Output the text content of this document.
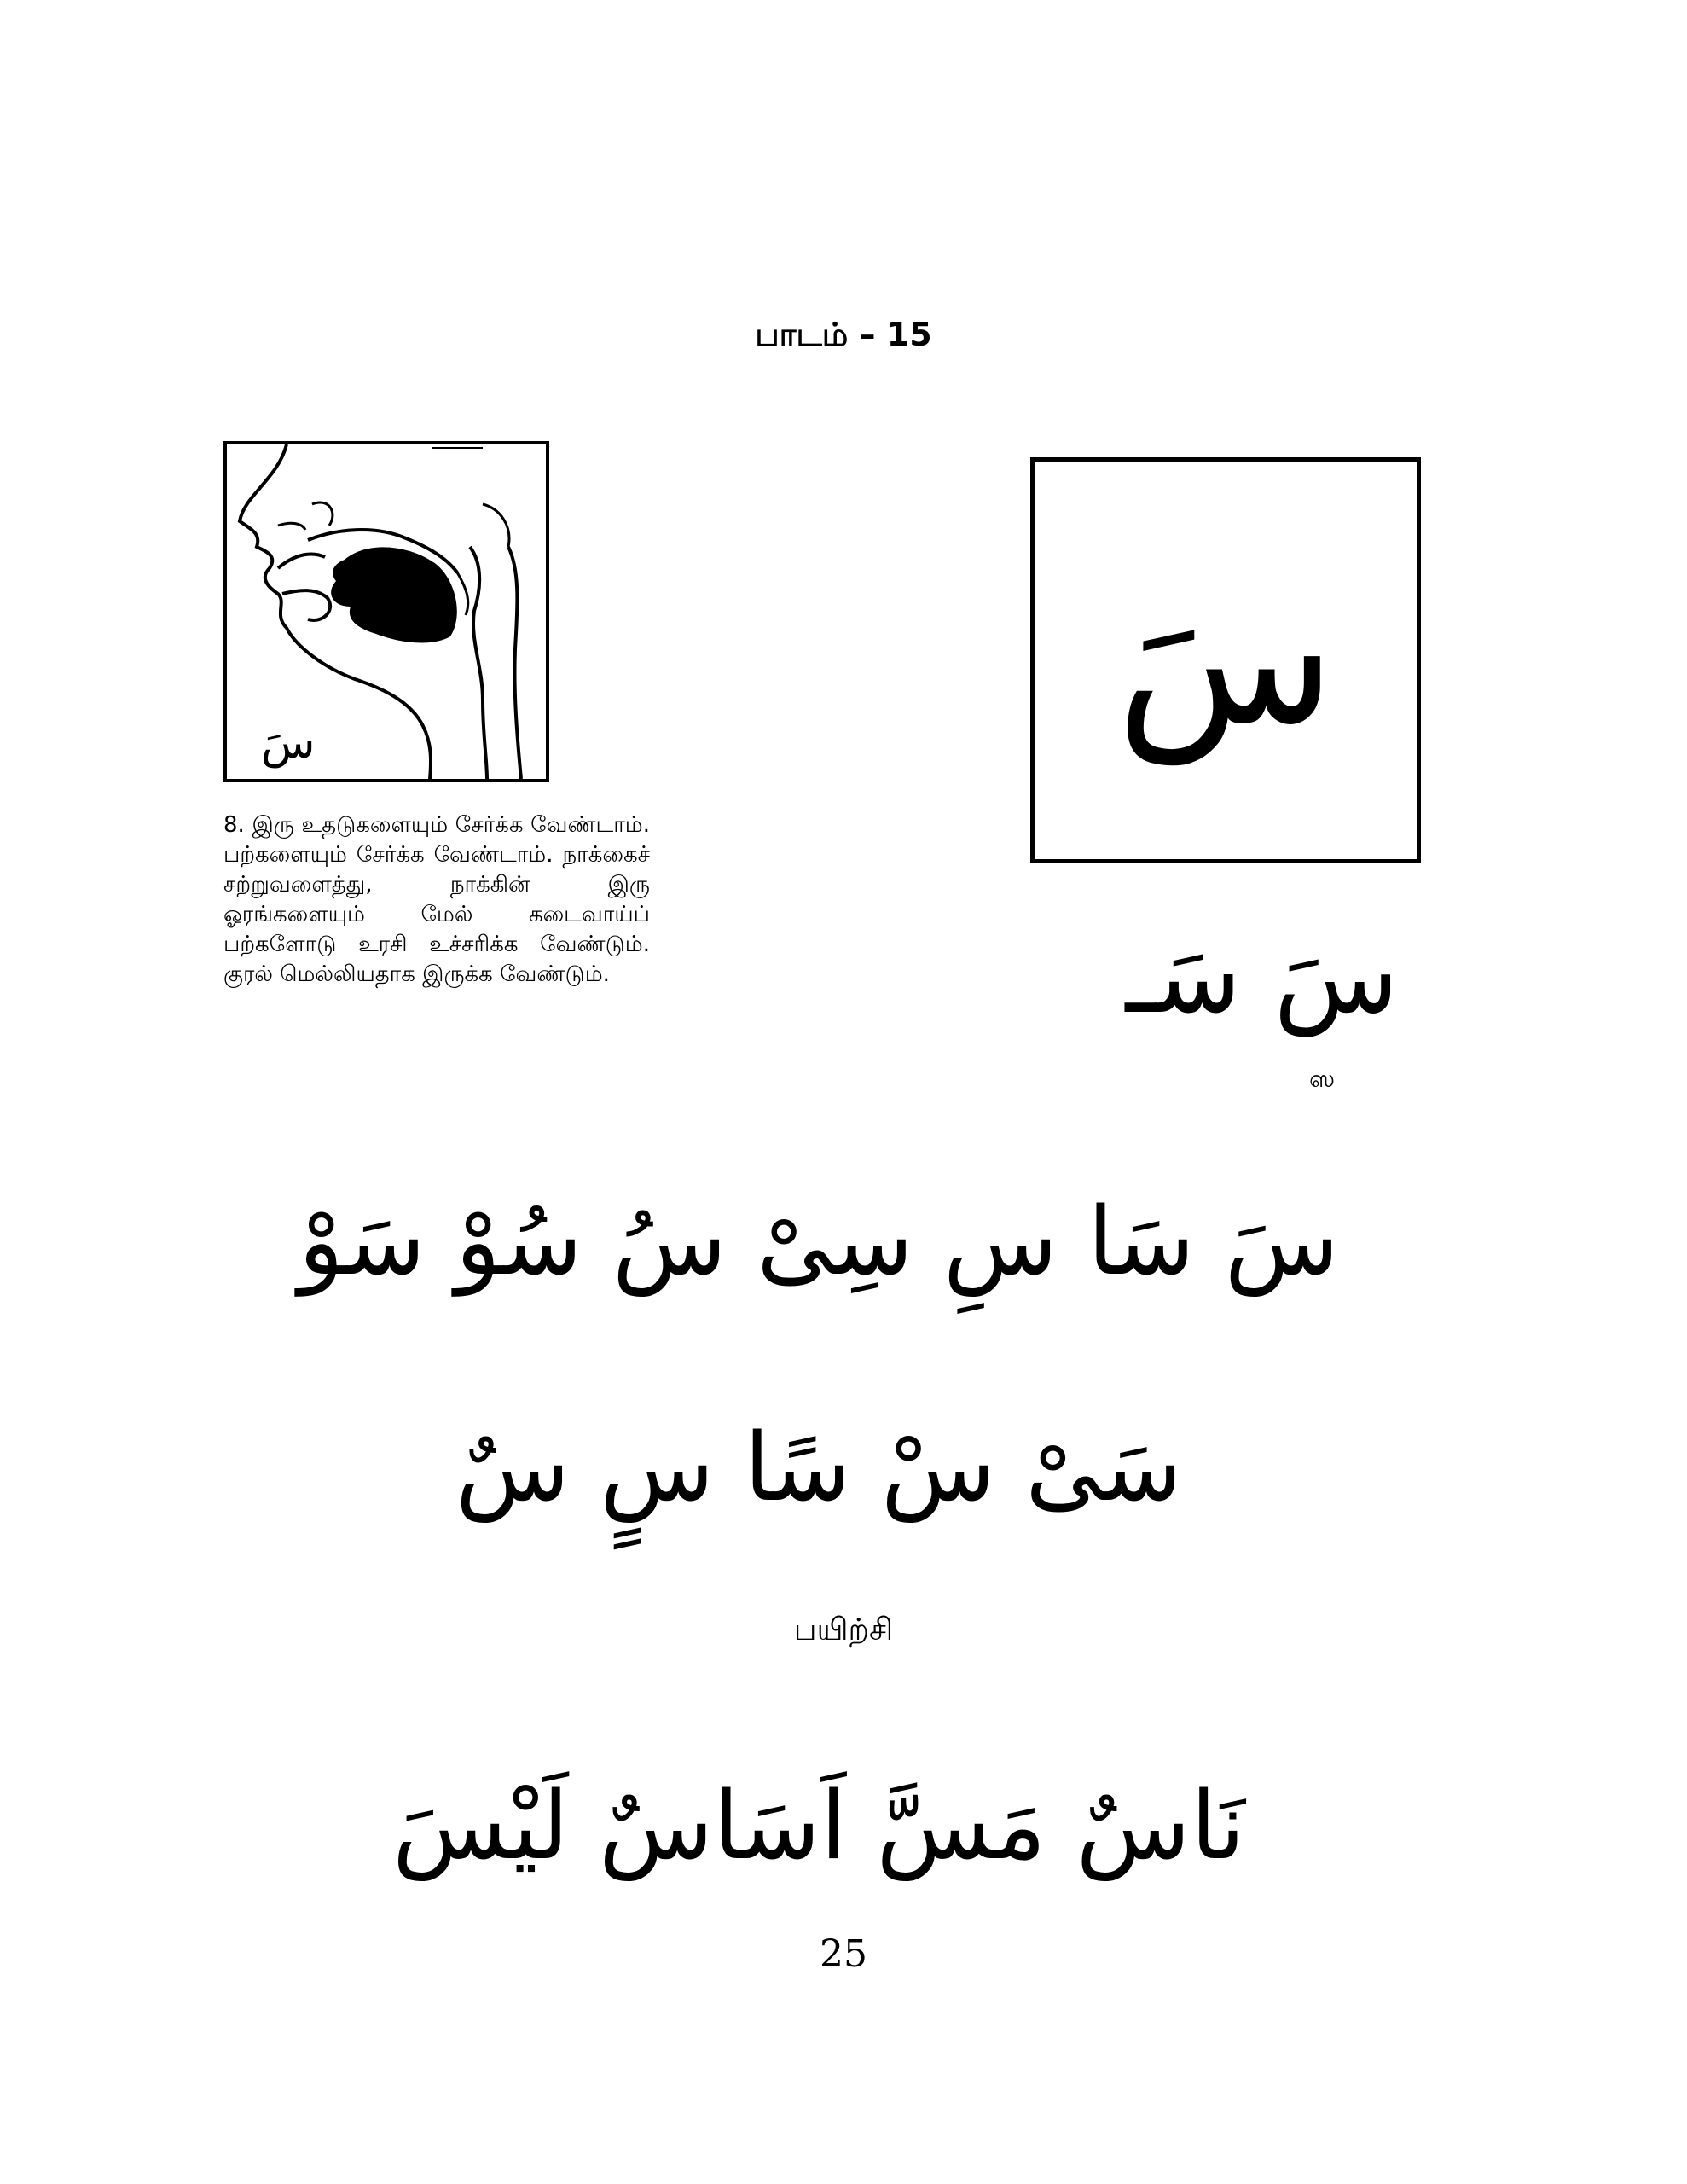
பாடம் – 15
سَ
8. இரு உதடுகளையும் சேர்க்க வேண்டாம். பற்களையும் சேர்க்க வேண்டாம். நாக்கைச் சற்றுவளைத்து, நாக்கின் இரு ஓரங்களையும் மேல் கடைவாய்ப் பற்களோடு உரசி உச்சரிக்க வேண்டும். குரல் மெல்லியதாக இருக்க வேண்டும்.
سَ
سَ سَـ
ஸ
سَ سَا سِ سِیْ سُ سُوْ سَوْ
سَیْ سْ سًا سٍ سٌ
பயிற்சி
نَاسٌ مَسَّ اَسَاسٌ لَيْسَ
25
